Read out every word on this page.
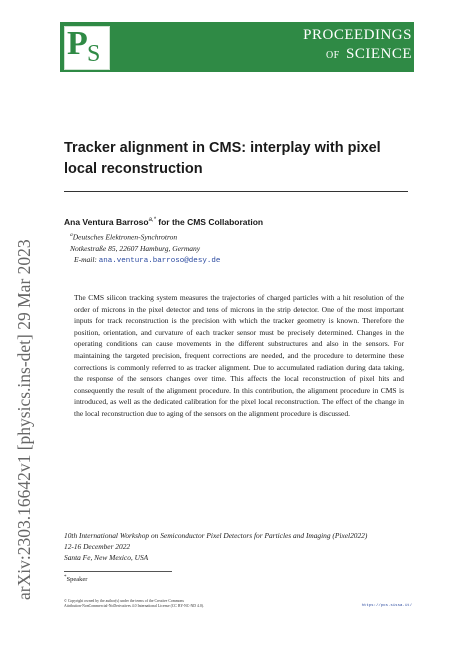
P S
PROCEEDINGS
OF SCIENCE
arXiv:2303.16642v1 [physics.ins-det] 29 Mar 2023
Tracker alignment in CMS: interplay with pixel local reconstruction
Ana Ventura Barroso$^{a,*}$ for the CMS Collaboration
$^a$Deutsches Elektronen-Synchrotron
Notkestraße 85, 22607 Hamburg, Germany
E-mail: ana.ventura.barroso@desy.de
The CMS silicon tracking system measures the trajectories of charged particles with a hit resolution of the order of microns in the pixel detector and tens of microns in the strip detector. One of the most important inputs for track reconstruction is the precision with which the tracker geometry is known. Therefore the position, orientation, and curvature of each tracker sensor must be precisely determined. Changes in the operating conditions can cause movements in the different substructures and also in the sensors. For maintaining the targeted precision, frequent corrections are needed, and the procedure to determine these corrections is commonly referred to as tracker alignment. Due to accumulated radiation during data taking, the response of the sensors changes over time. This affects the local reconstruction of pixel hits and consequently the result of the alignment procedure. In this contribution, the alignment procedure in CMS is introduced, as well as the dedicated calibration for the pixel local reconstruction. The effect of the change in the local reconstruction due to aging of the sensors on the alignment procedure is discussed.
10th International Workshop on Semiconductor Pixel Detectors for Particles and Imaging (Pixel2022)
12-16 December 2022
Santa Fe, New Mexico, USA
*Speaker
© Copyright owned by the author(s) under the terms of the Creative Commons
Attribution-NonCommercial-NoDerivatives 4.0 International License (CC BY-NC-ND 4.0).	https://pos.sissa.it/
